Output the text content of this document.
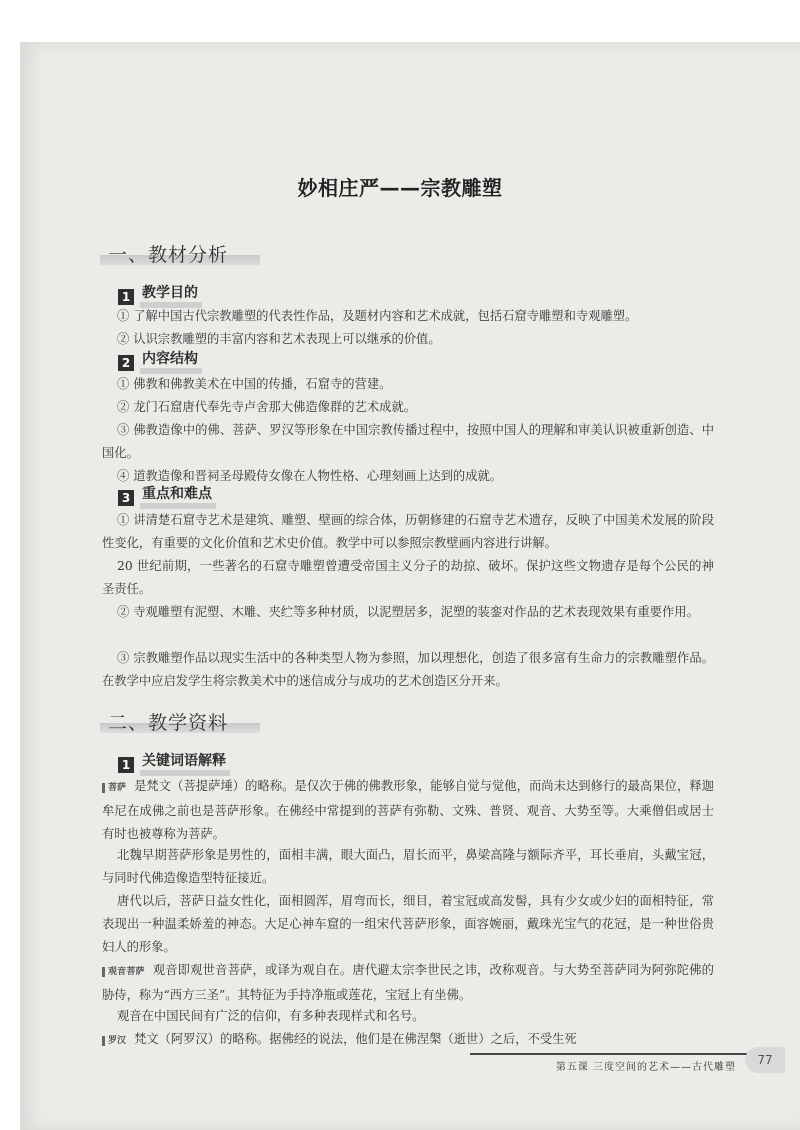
妙相庄严——宗教雕塑
一、教材分析
1 教学目的

① 了解中国古代宗教雕塑的代表性作品，及题材内容和艺术成就，包括石窟寺雕塑和寺观雕塑。

② 认识宗教雕塑的丰富内容和艺术表现上可以继承的价值。

2 内容结构

① 佛教和佛教美术在中国的传播，石窟寺的营建。

② 龙门石窟唐代奉先寺卢舍那大佛造像群的艺术成就。

③ 佛教造像中的佛、菩萨、罗汉等形象在中国宗教传播过程中，按照中国人的理解和审美认识被重新创造、中国化。

④ 道教造像和晋祠圣母殿侍女像在人物性格、心理刻画上达到的成就。

3 重点和难点

① 讲清楚石窟寺艺术是建筑、雕塑、壁画的综合体，历朝修建的石窟寺艺术遗存，反映了中国美术发展的阶段性变化，有重要的文化价值和艺术史价值。教学中可以参照宗教壁画内容进行讲解。

20 世纪前期，一些著名的石窟寺雕塑曾遭受帝国主义分子的劫掠、破坏。保护这些文物遗存是每个公民的神圣责任。

② 寺观雕塑有泥塑、木雕、夹纻等多种材质，以泥塑居多，泥塑的装銮对作品的艺术表现效果有重要作用。

③ 宗教雕塑作品以现实生活中的各种类型人物为参照，加以理想化，创造了很多富有生命力的宗教雕塑作品。在教学中应启发学生将宗教美术中的迷信成分与成功的艺术创造区分开来。

二、教学资料
1 关键词语解释

菩萨 是梵文（菩提萨埵）的略称。是仅次于佛的佛教形象，能够自觉与觉他，而尚未达到修行的最高果位，释迦牟尼在成佛之前也是菩萨形象。在佛经中常提到的菩萨有弥勒、文殊、普贤、观音、大势至等。大乘僧侣或居士有时也被尊称为菩萨。

北魏早期菩萨形象是男性的，面相丰满，眼大面凸，眉长而平，鼻梁高隆与额际齐平，耳长垂肩，头戴宝冠，与同时代佛造像造型特征接近。

唐代以后，菩萨日益女性化，面相圆浑，眉弯而长，细目，着宝冠或高发髻，具有少女或少妇的面相特征，常表现出一种温柔娇羞的神态。大足心神车窟的一组宋代菩萨形象，面容婉丽，戴珠光宝气的花冠，是一种世俗贵妇人的形象。

观音菩萨 观音即观世音菩萨，或译为观自在。唐代避太宗李世民之讳，改称观音。与大势至菩萨同为阿弥陀佛的胁侍，称为“西方三圣”。其特征为手持净瓶或莲花，宝冠上有坐佛。

观音在中国民间有广泛的信仰，有多种表现样式和名号。

罗汉 梵文（阿罗汉）的略称。据佛经的说法，他们是在佛涅槃（逝世）之后，不受生死

第五课 三度空间的艺术——古代雕塑
77
